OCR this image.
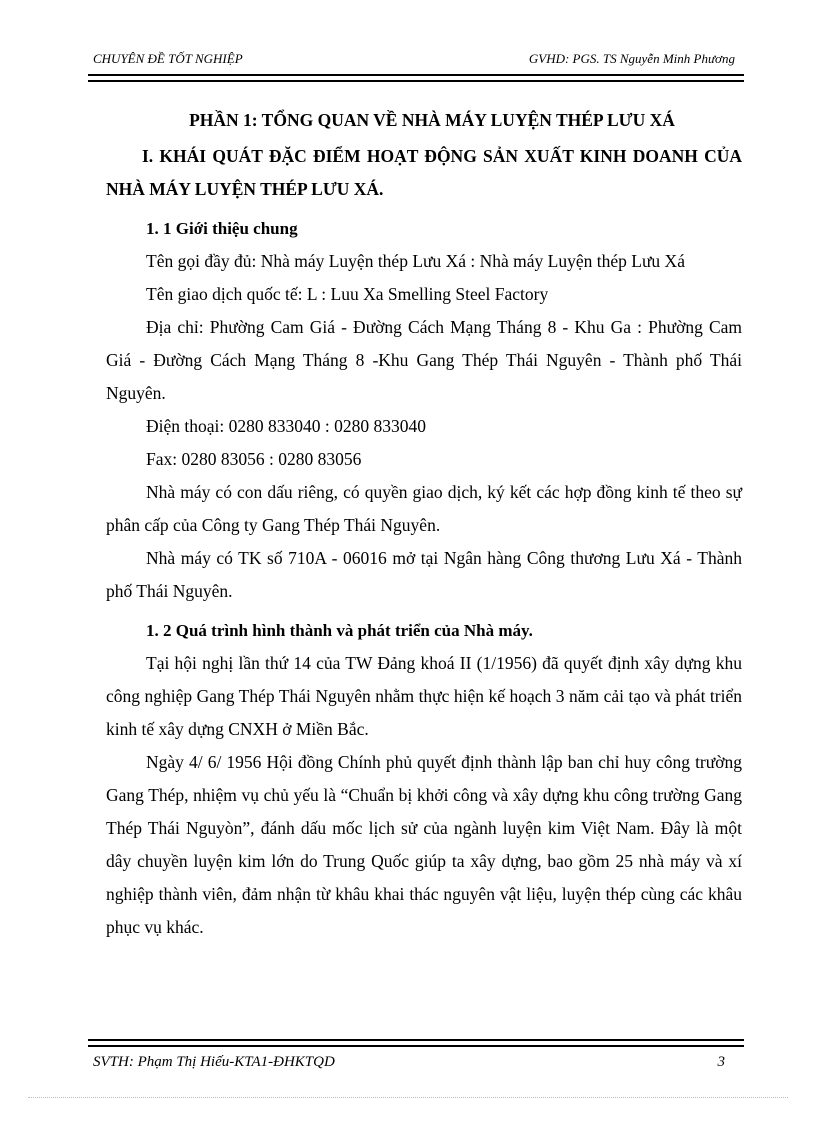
CHUYÊN ĐỀ TỐT NGHIỆP	GVHD: PGS. TS Nguyễn Minh Phương
PHẦN 1: TỔNG QUAN VỀ NHÀ MÁY LUYỆN THÉP LƯU XÁ
I. KHÁI QUÁT ĐẶC ĐIỂM HOẠT ĐỘNG SẢN XUẤT KINH DOANH CỦA NHÀ MÁY LUYỆN THÉP LƯU XÁ.
1. 1 Giới thiệu chung

Tên gọi đầy đủ: Nhà máy Luyện thép Lưu Xá : Nhà máy Luyện thép Lưu Xá

Tên giao dịch quốc tế: L : Luu Xa Smelling Steel Factory

Địa chỉ: Phường Cam Giá - Đường Cách Mạng Tháng 8 - Khu Ga : Phường Cam Giá - Đường Cách Mạng Tháng 8 -Khu Gang Thép Thái Nguyên - Thành phố Thái Nguyên.

Điện thoại: 0280 833040 : 0280 833040

Fax: 0280 83056 : 0280 83056

Nhà máy có con dấu riêng, có quyền giao dịch, ký kết các hợp đồng kinh tế theo sự phân cấp của Công ty Gang Thép Thái Nguyên.

Nhà máy có TK số 710A - 06016 mở tại Ngân hàng Công thương Lưu Xá - Thành phố Thái Nguyên.

1. 2 Quá trình hình thành và phát triển của Nhà máy.

Tại hội nghị lần thứ 14 của TW Đảng khoá II (1/1956) đã quyết định xây dựng khu công nghiệp Gang Thép Thái Nguyên nhằm thực hiện kế hoạch 3 năm cải tạo và phát triển kinh tế xây dựng CNXH ở Miền Bắc.

Ngày 4/ 6/ 1956 Hội đồng Chính phủ quyết định thành lập ban chỉ huy công trường Gang Thép, nhiệm vụ chủ yếu là “Chuẩn bị khởi công và xây dựng khu công trường Gang Thép Thái Nguyòn”, đánh dấu mốc lịch sử của ngành luyện kim Việt Nam. Đây là một dây chuyền luyện kim lớn do Trung Quốc giúp ta xây dựng, bao gồm 25 nhà máy và xí nghiệp thành viên, đảm nhận từ khâu khai thác nguyên vật liệu, luyện thép cùng các khâu phục vụ khác.

SVTH: Phạm Thị Hiếu-KTA1-ĐHKTQD	3
